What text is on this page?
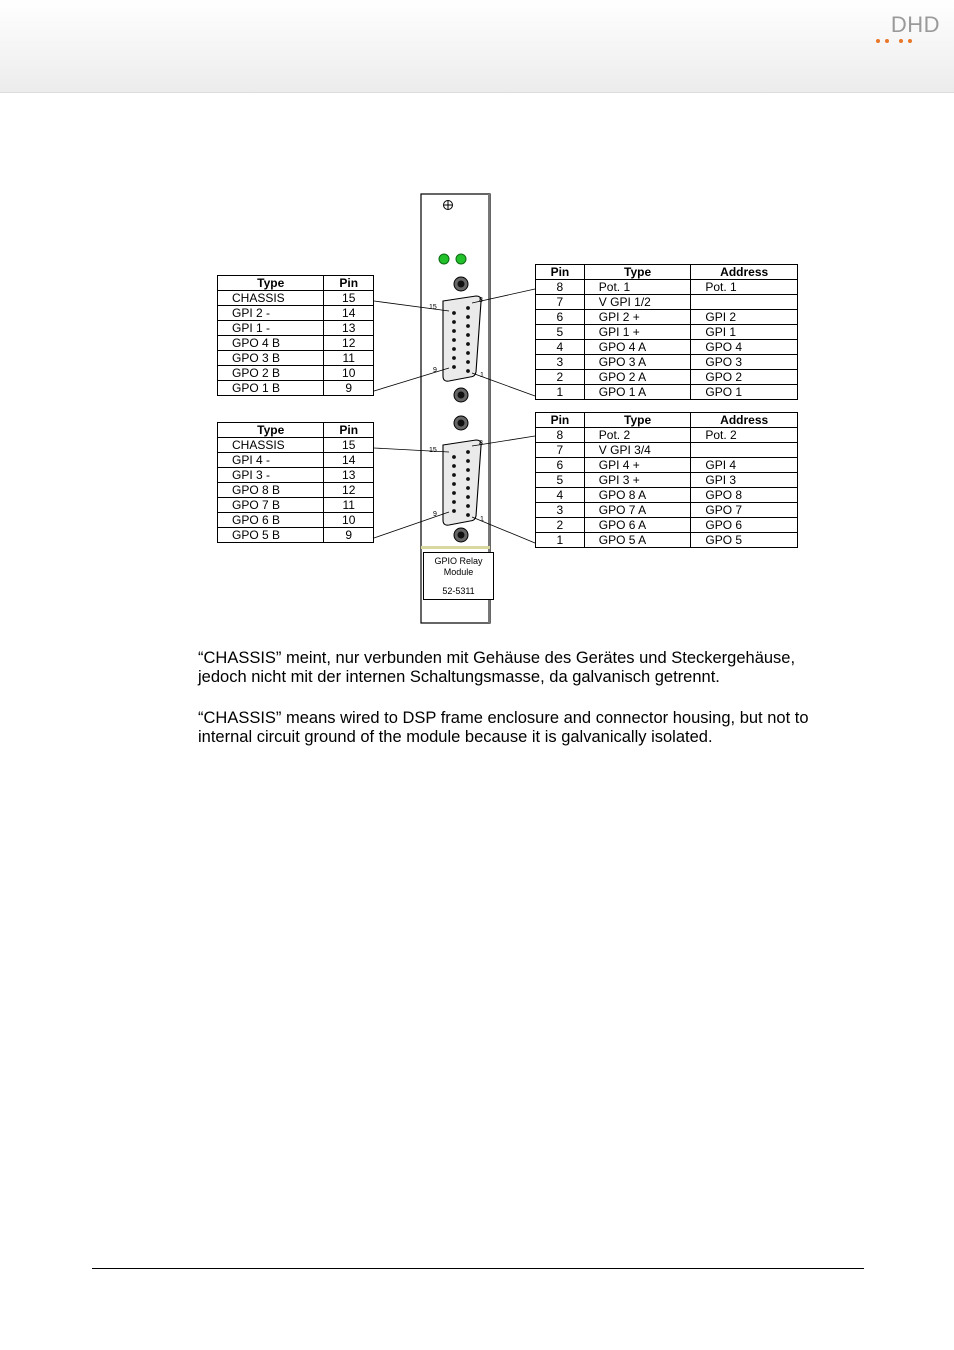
DHD
15
8
9
1
15
8
9
1
GPIO Relay
Module
52-5311
Type	Pin
CHASSIS	15
GPI 2 -	14
GPI 1 -	13
GPO 4 B	12
GPO 3 B	11
GPO 2 B	10
GPO 1 B	9
Type	Pin
CHASSIS	15
GPI 4 -	14
GPI 3 -	13
GPO 8 B	12
GPO 7 B	11
GPO 6 B	10
GPO 5 B	9
Pin	Type	Address
8	Pot. 1	Pot. 1
7	V GPI 1/2	
6	GPI 2 +	GPI 2
5	GPI 1 +	GPI 1
4	GPO 4 A	GPO 4
3	GPO 3 A	GPO 3
2	GPO 2 A	GPO 2
1	GPO 1 A	GPO 1
Pin	Type	Address
8	Pot. 2	Pot. 2
7	V GPI 3/4	
6	GPI 4 +	GPI 4
5	GPI 3 +	GPI 3
4	GPO 8 A	GPO 8
3	GPO 7 A	GPO 7
2	GPO 6 A	GPO 6
1	GPO 5 A	GPO 5

“CHASSIS” meint, nur verbunden mit Gehäuse des Gerätes und Steckergehäuse, jedoch nicht mit der internen Schaltungsmasse, da galvanisch getrennt.

“CHASSIS” means wired to DSP frame enclosure and connector housing, but not to internal circuit ground of the module because it is galvanically isolated.
